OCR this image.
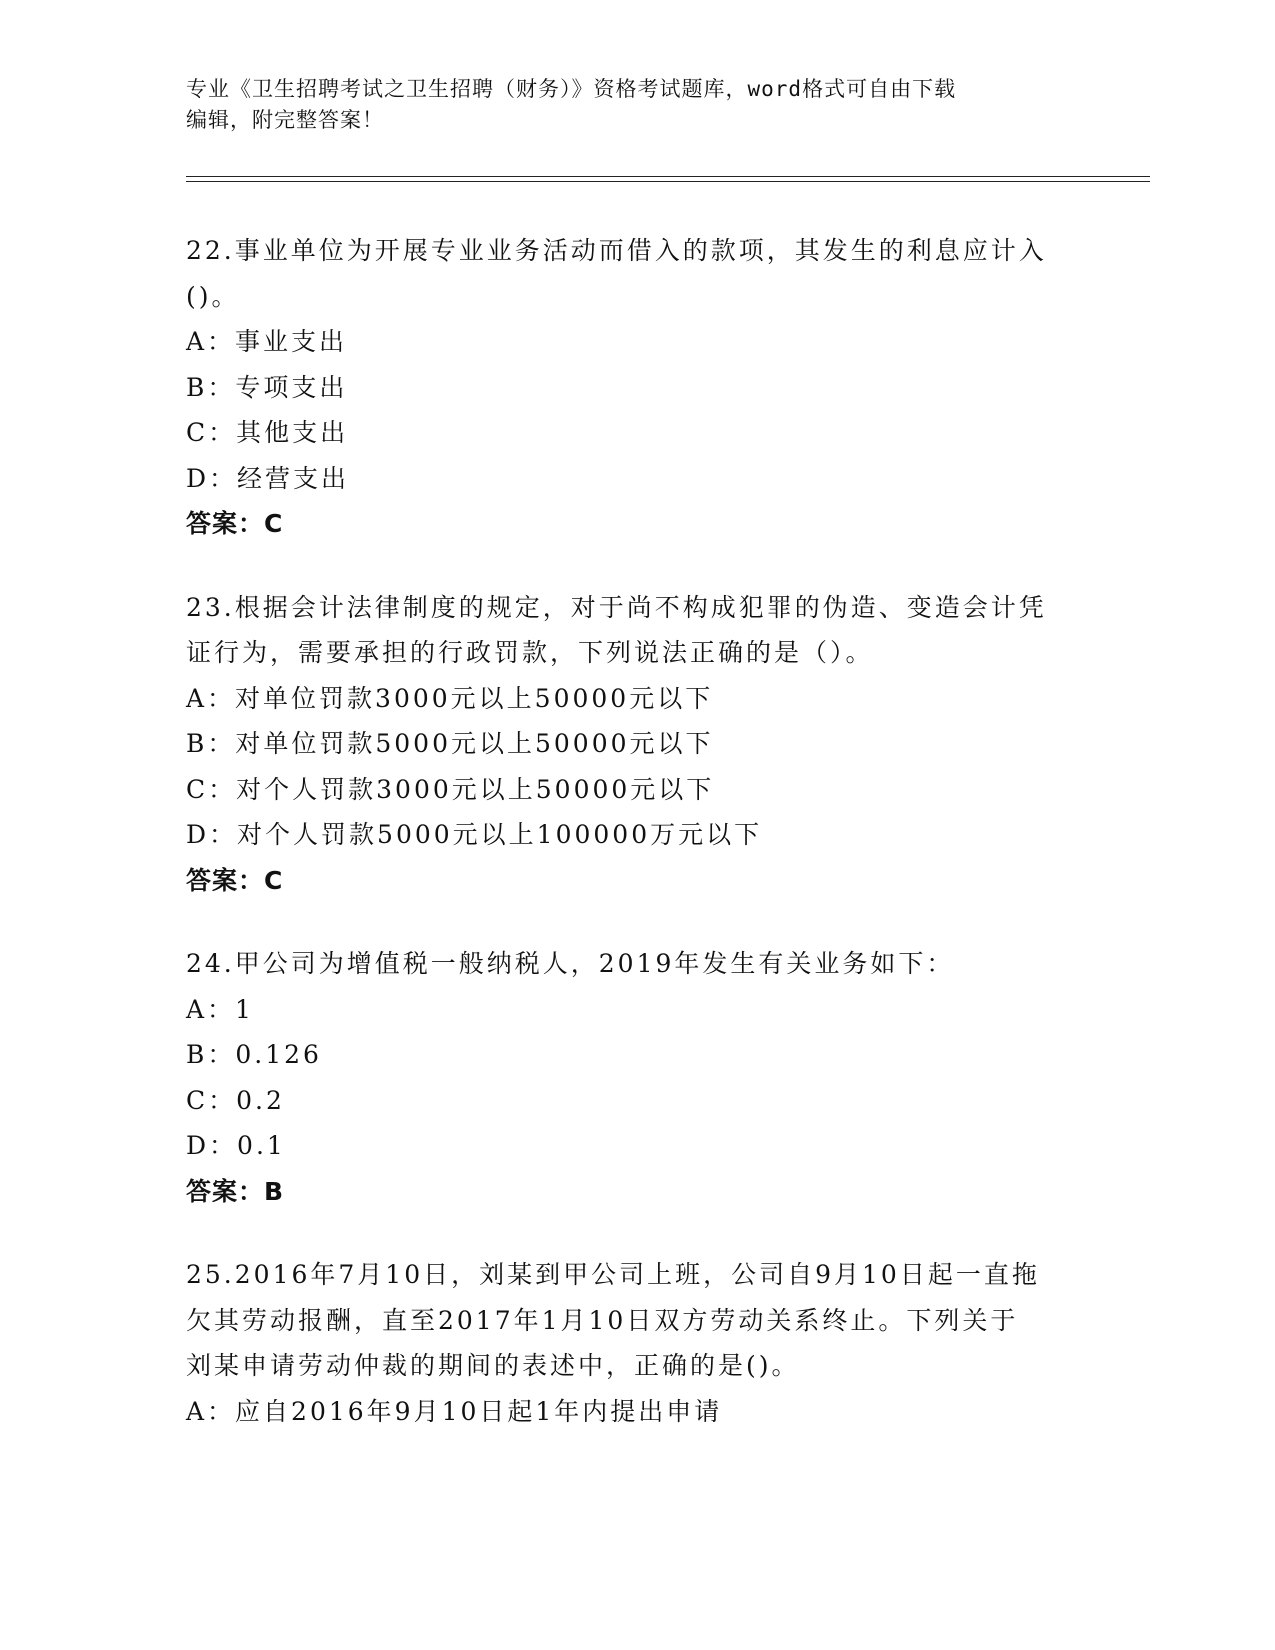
专业《卫生招聘考试之卫生招聘（财务）》资格考试题库，word格式可自由下载
编辑，附完整答案！
22.事业单位为开展专业业务活动而借入的款项，其发生的利息应计入
()。
A：事业支出
B：专项支出
C：其他支出
D：经营支出
答案：C
23.根据会计法律制度的规定，对于尚不构成犯罪的伪造、变造会计凭
证行为，需要承担的行政罚款，下列说法正确的是（）。
A：对单位罚款3000元以上50000元以下
B：对单位罚款5000元以上50000元以下
C：对个人罚款3000元以上50000元以下
D：对个人罚款5000元以上100000万元以下
答案：C
24.甲公司为增值税一般纳税人，2019年发生有关业务如下：
A：1
B：0.126
C：0.2
D：0.1
答案：B
25.2016年7月10日，刘某到甲公司上班，公司自9月10日起一直拖
欠其劳动报酬，直至2017年1月10日双方劳动关系终止。下列关于
刘某申请劳动仲裁的期间的表述中，正确的是()。
A：应自2016年9月10日起1年内提出申请
